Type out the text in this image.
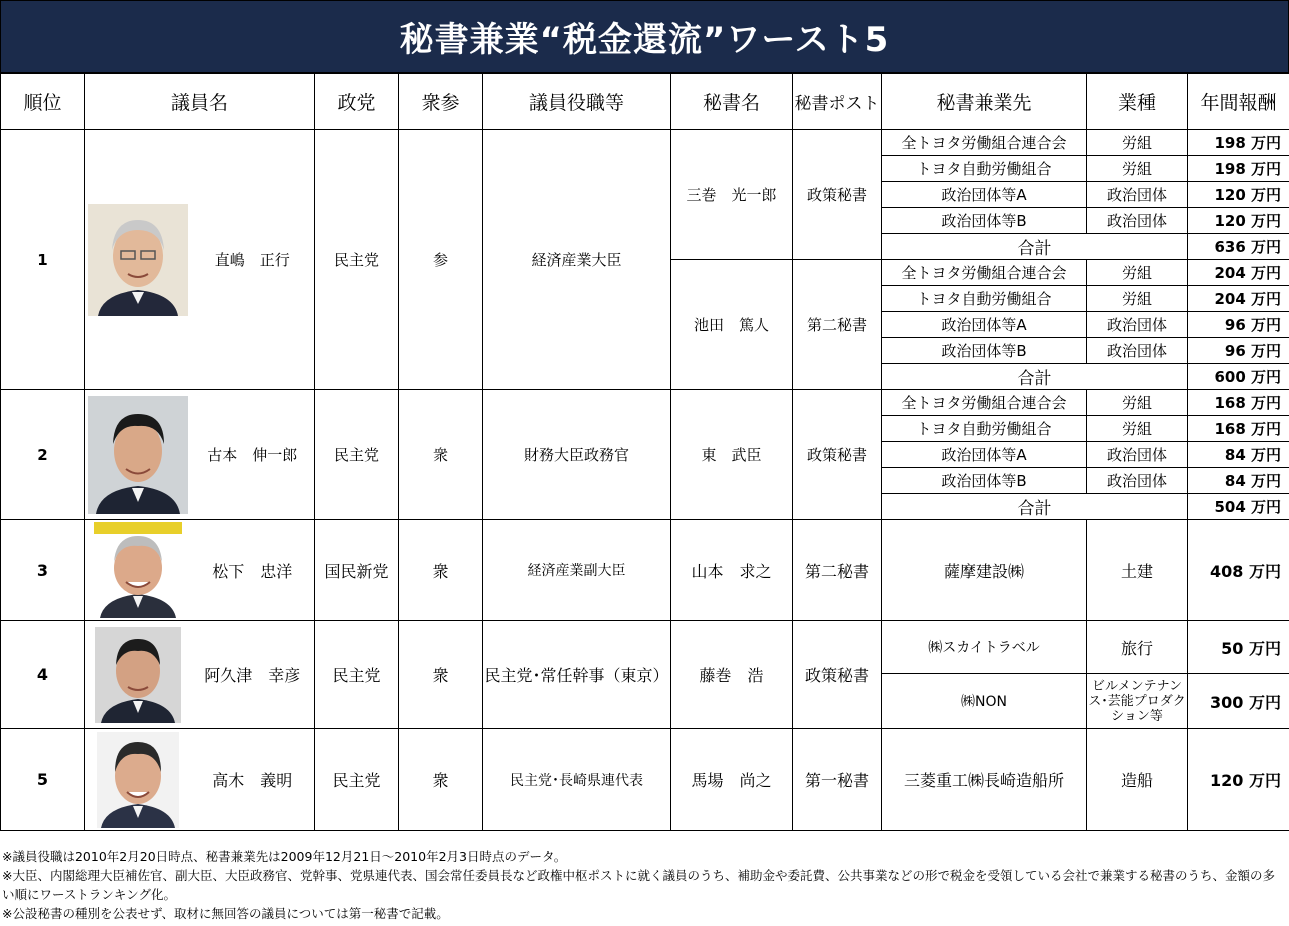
秘書兼業“税金還流”ワースト5
順位	議員名		政党	衆参	議員役職等	秘書名	秘書ポスト	秘書兼業先	業種	年間報酬
1		直嶋　正行	民主党	参	経済産業大臣	三巻　光一郎	政策秘書	全トヨタ労働組合連合会	労組	198 万円
								トヨタ自動労働組合	労組	198 万円
								政治団体等A	政治団体	120 万円
								政治団体等B	政治団体	120 万円
								合計		636 万円
						池田　篤人	第二秘書	全トヨタ労働組合連合会	労組	204 万円
								トヨタ自動労働組合	労組	204 万円
								政治団体等A	政治団体	96 万円
								政治団体等B	政治団体	96 万円
								合計		600 万円
2		古本　伸一郎	民主党	衆	財務大臣政務官	東　武臣	政策秘書	全トヨタ労働組合連合会	労組	168 万円
								トヨタ自動労働組合	労組	168 万円
								政治団体等A	政治団体	84 万円
								政治団体等B	政治団体	84 万円
								合計		504 万円
3		松下　忠洋	国民新党	衆	経済産業副大臣	山本　求之	第二秘書	薩摩建設㈱	土建	408 万円
4		阿久津　幸彦	民主党	衆	民主党･常任幹事（東京）	藤巻　浩	政策秘書	㈱スカイトラベル	旅行	50 万円
								㈱NON	ビルメンテナンス･芸能プロダクション等	300 万円
5		高木　義明	民主党	衆	民主党･長崎県連代表	馬場　尚之	第一秘書	三菱重工㈱長崎造船所	造船	120 万円
※議員役職は2010年2月20日時点、秘書兼業先は2009年12月21日～2010年2月3日時点のデータ。
※大臣、内閣総理大臣補佐官、副大臣、大臣政務官、党幹事、党県連代表、国会常任委員長など政権中枢ポストに就く議員のうち、補助金や委託費、公共事業などの形で税金を受領している会社で兼業する秘書のうち、金額の多い順にワーストランキング化。
※公設秘書の種別を公表せず、取材に無回答の議員については第一秘書で記載。
